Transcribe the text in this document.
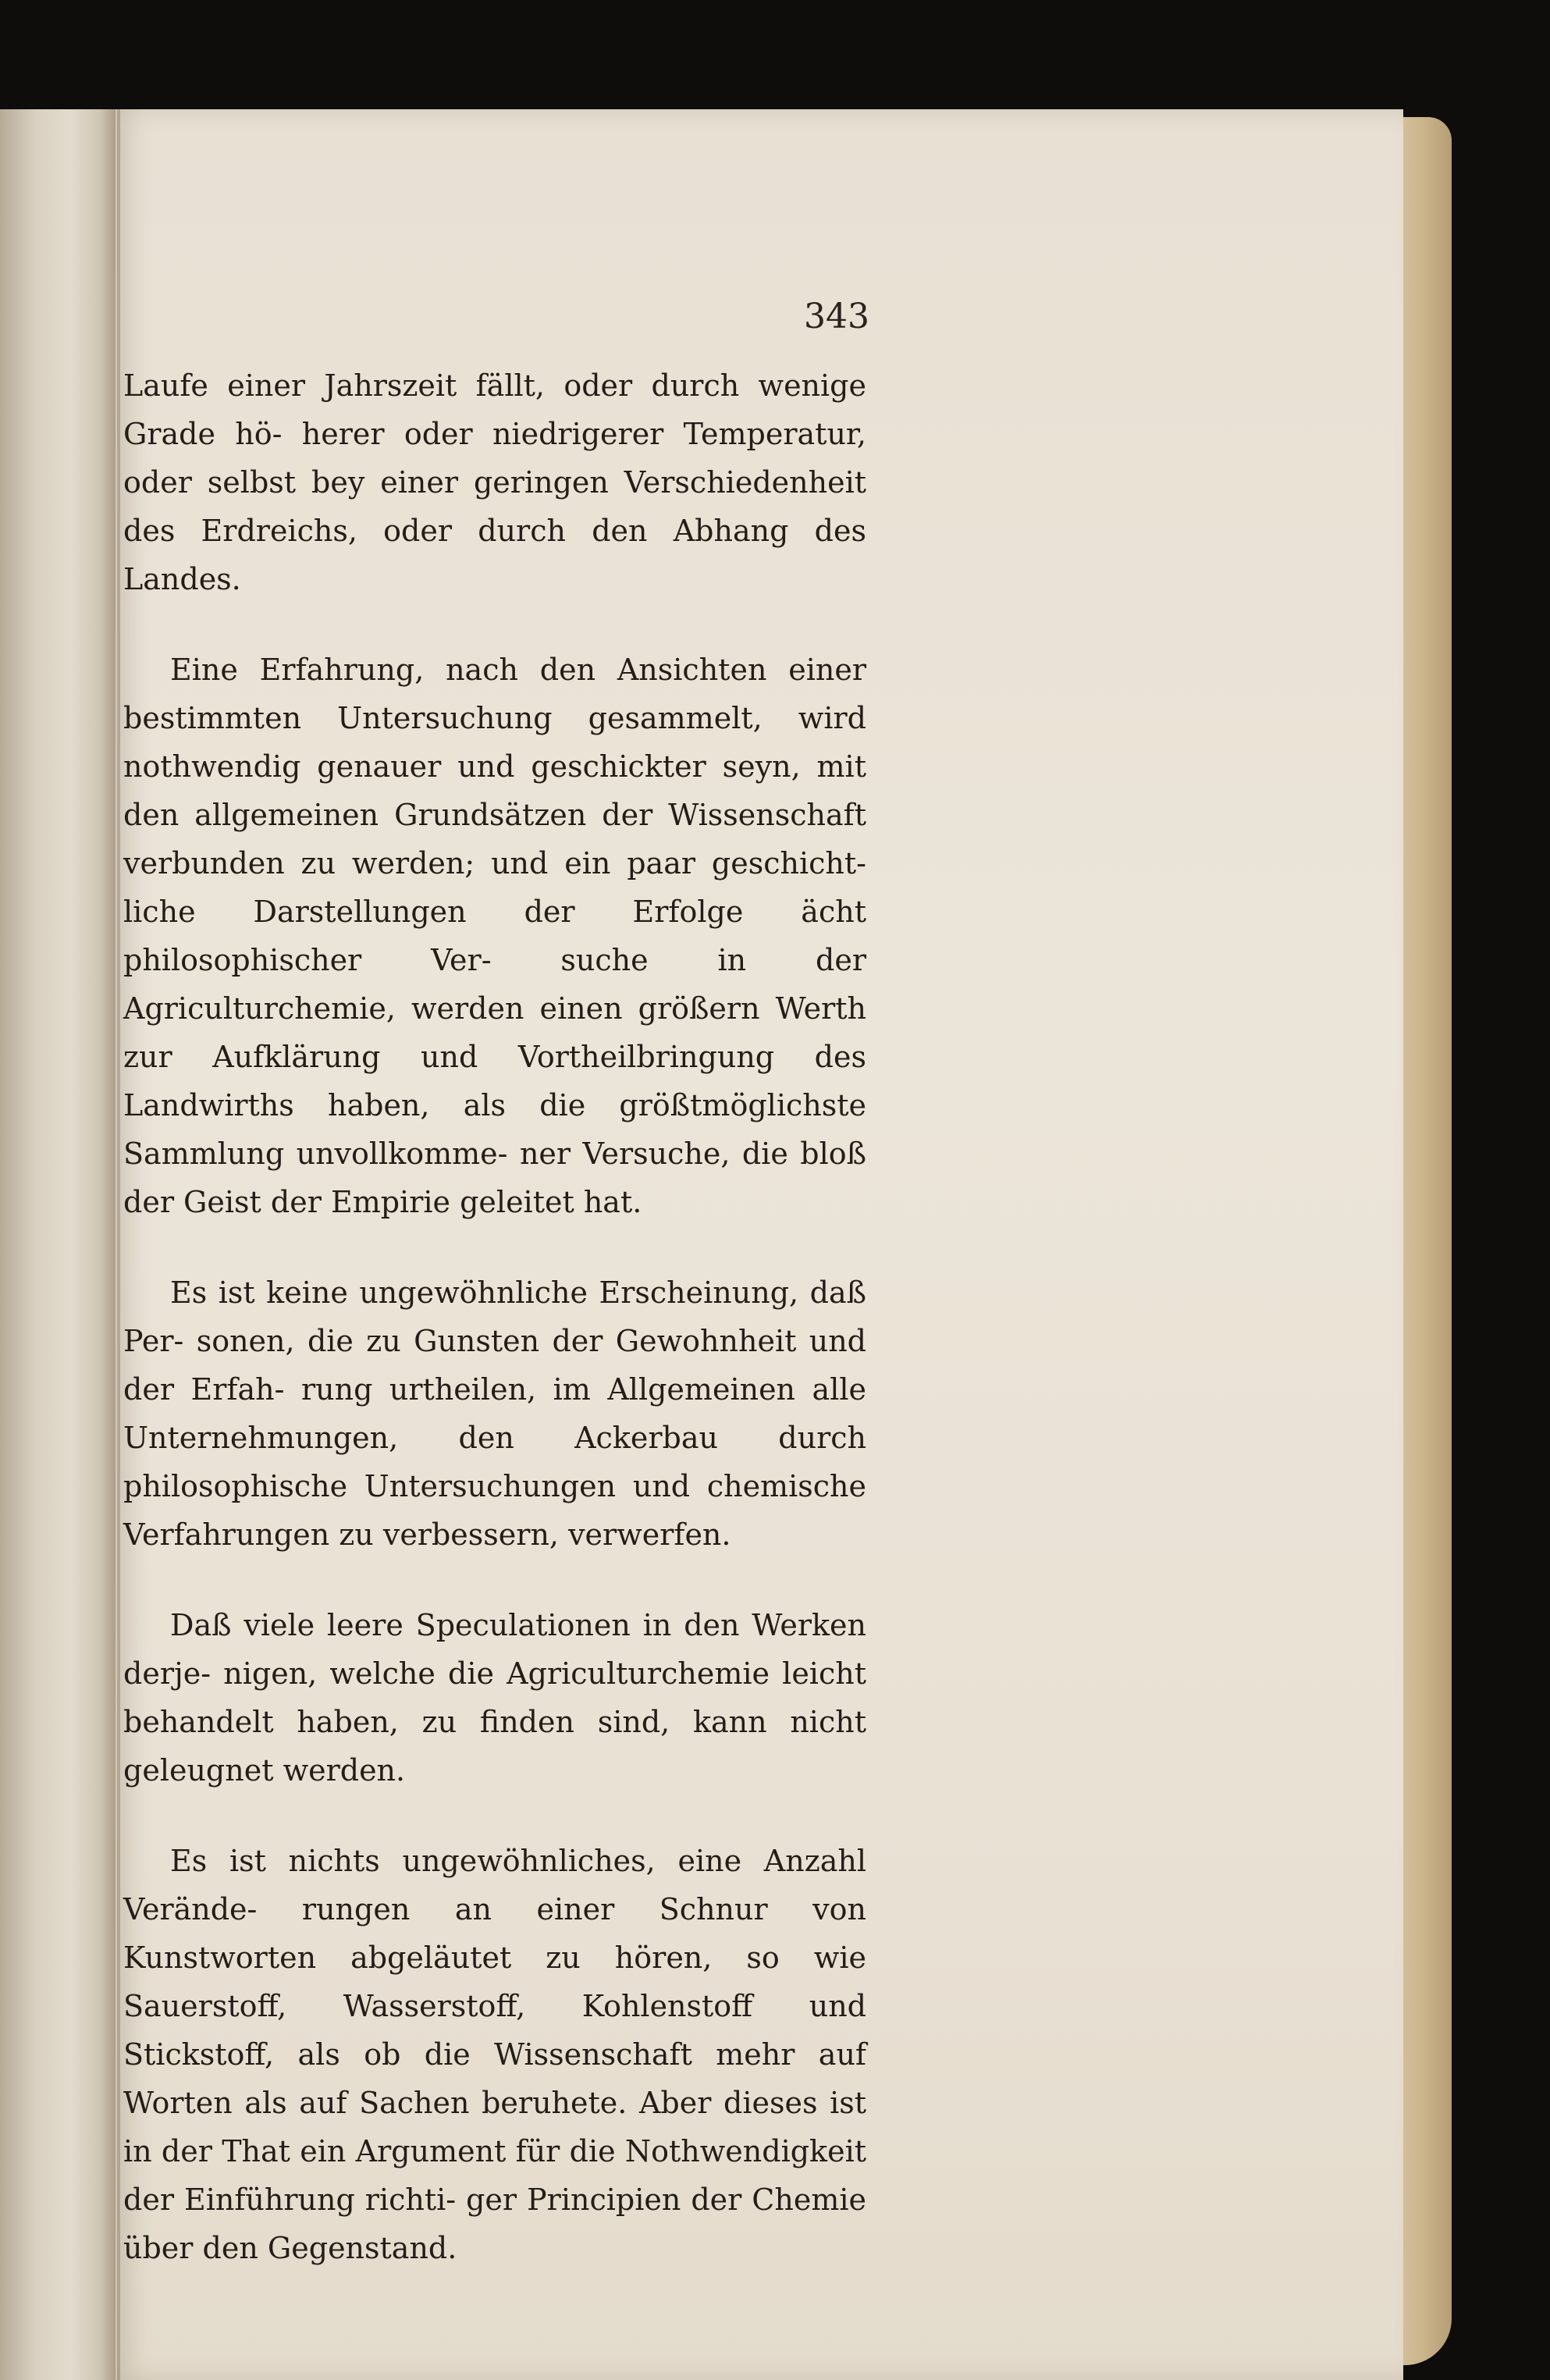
343

Laufe einer Jahrszeit fällt, oder durch wenige Grade hö- herer oder niedrigerer Temperatur, oder selbst bey einer geringen Verschiedenheit des Erdreichs, oder durch den Abhang des Landes.

Eine Erfahrung, nach den Ansichten einer bestimmten Untersuchung gesammelt, wird nothwendig genauer und geschickter seyn, mit den allgemeinen Grundsätzen der Wissenschaft verbunden zu werden; und ein paar geschicht- liche Darstellungen der Erfolge ächt philosophischer Ver- suche in der Agriculturchemie, werden einen größern Werth zur Aufklärung und Vortheilbringung des Landwirths haben, als die größtmöglichste Sammlung unvollkomme- ner Versuche, die bloß der Geist der Empirie geleitet hat.

Es ist keine ungewöhnliche Erscheinung, daß Per- sonen, die zu Gunsten der Gewohnheit und der Erfah- rung urtheilen, im Allgemeinen alle Unternehmungen, den Ackerbau durch philosophische Untersuchungen und chemische Verfahrungen zu verbessern, verwerfen.

Daß viele leere Speculationen in den Werken derje- nigen, welche die Agriculturchemie leicht behandelt haben, zu finden sind, kann nicht geleugnet werden.

Es ist nichts ungewöhnliches, eine Anzahl Verände- rungen an einer Schnur von Kunstworten abgeläutet zu hören, so wie Sauerstoff, Wasserstoff, Kohlenstoff und Stickstoff, als ob die Wissenschaft mehr auf Worten als auf Sachen beruhete. Aber dieses ist in der That ein Argument für die Nothwendigkeit der Einführung richti- ger Principien der Chemie über den Gegenstand.
